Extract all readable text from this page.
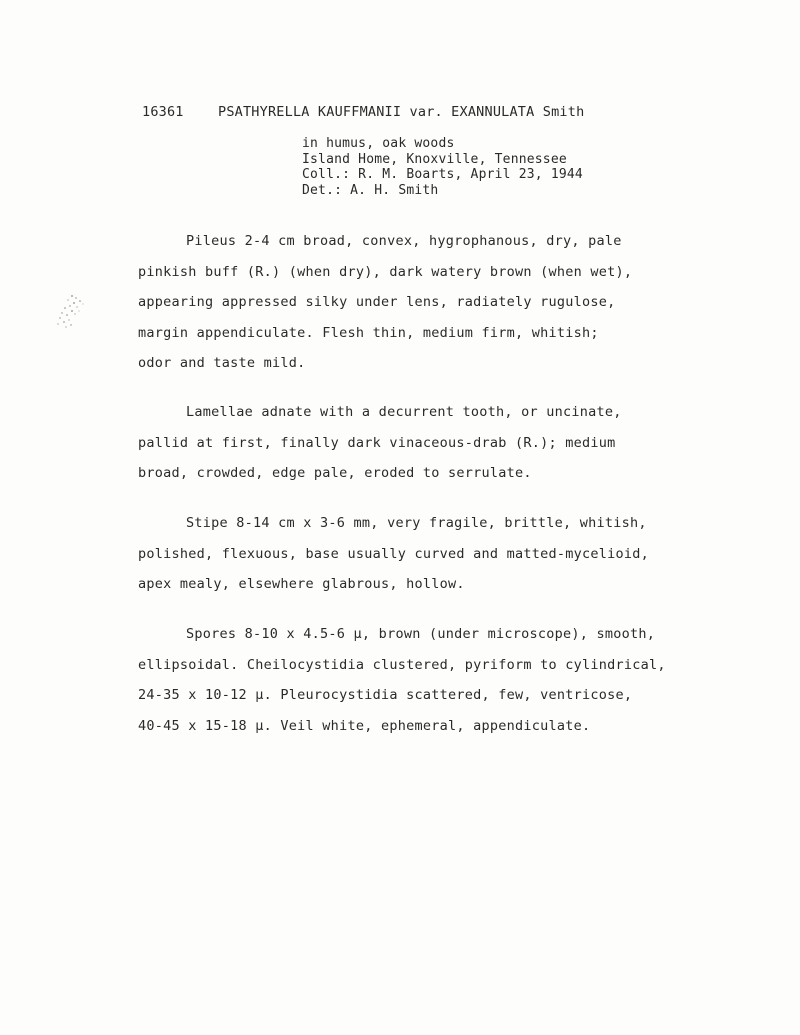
16361	PSATHYRELLA KAUFFMANII var. EXANNULATA Smith
in humus, oak woods
Island Home, Knoxville, Tennessee
Coll.: R. M. Boarts, April 23, 1944
Det.: A. H. Smith
Pileus 2-4 cm broad, convex, hygrophanous, dry, pale
pinkish buff (R.) (when dry), dark watery brown (when wet),
appearing appressed silky under lens, radiately rugulose,
margin appendiculate. Flesh thin, medium firm, whitish;
odor and taste mild.
Lamellae adnate with a decurrent tooth, or uncinate,
pallid at first, finally dark vinaceous-drab (R.); medium
broad, crowded, edge pale, eroded to serrulate.
Stipe 8-14 cm x 3-6 mm, very fragile, brittle, whitish,
polished, flexuous, base usually curved and matted-mycelioid,
apex mealy, elsewhere glabrous, hollow.
Spores 8-10 x 4.5-6 μ, brown (under microscope), smooth,
ellipsoidal. Cheilocystidia clustered, pyriform to cylindrical,
24-35 x 10-12 μ. Pleurocystidia scattered, few, ventricose,
40-45 x 15-18 μ. Veil white, ephemeral, appendiculate.
